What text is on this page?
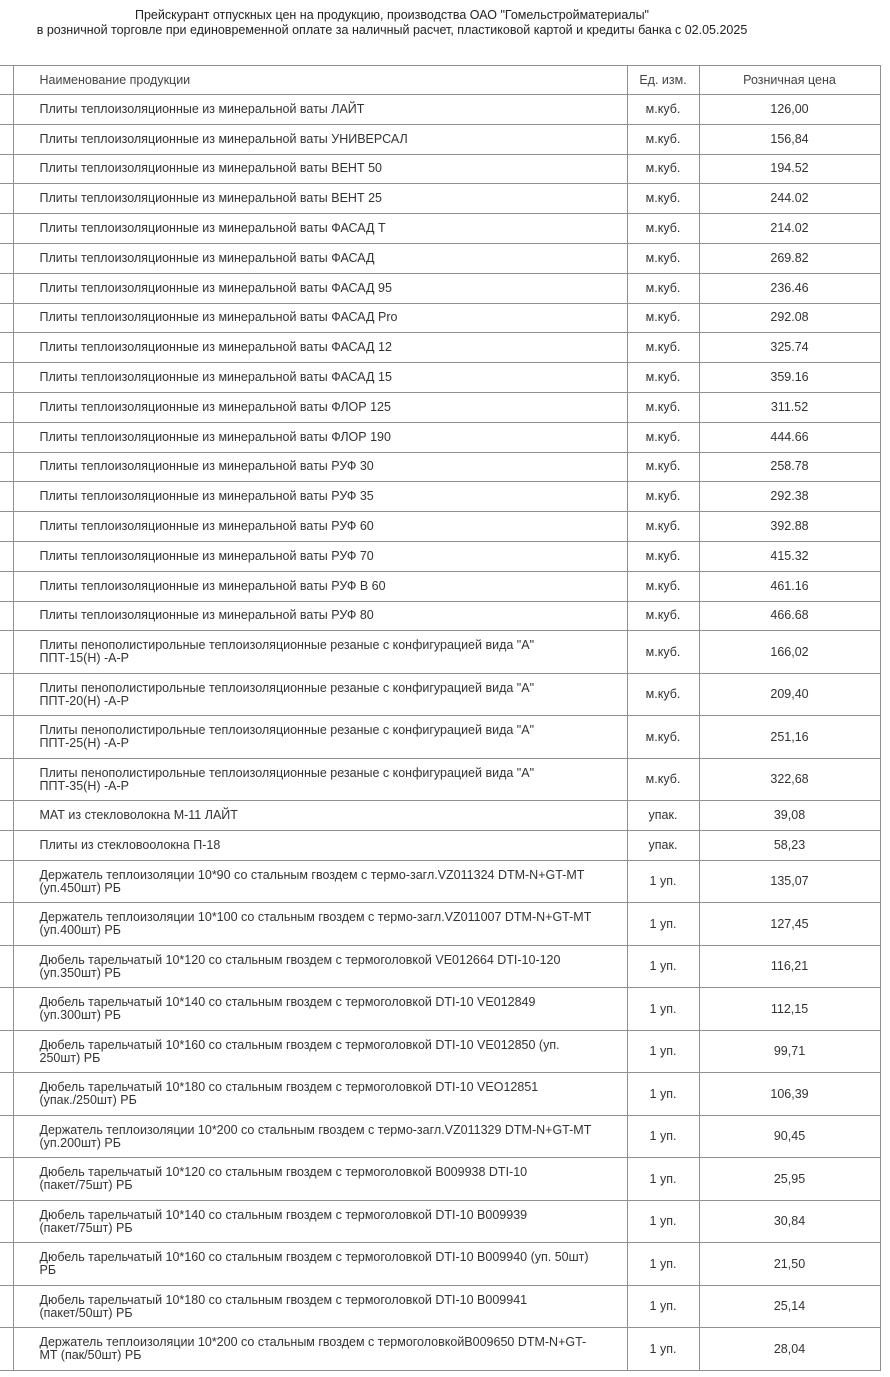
Прейскурант отпускных цен на продукцию, производства ОАО "Гомельстройматериалы"
в розничной торговле при единовременной оплате за наличный расчет, пластиковой картой и кредиты банка с 02.05.2025
	Наименование продукции	Ед. изм.	Розничная цена

	Плиты теплоизоляционные из минеральной ваты ЛАЙТ	м.куб.	126,00

	Плиты теплоизоляционные из минеральной ваты УНИВЕРСАЛ	м.куб.	156,84

	Плиты теплоизоляционные из минеральной ваты ВЕНТ 50	м.куб.	194.52

	Плиты теплоизоляционные из минеральной ваты ВЕНТ 25	м.куб.	244.02

	Плиты теплоизоляционные из минеральной ваты ФАСАД Т	м.куб.	214.02

	Плиты теплоизоляционные из минеральной ваты ФАСАД	м.куб.	269.82

	Плиты теплоизоляционные из минеральной ваты ФАСАД 95	м.куб.	236.46

	Плиты теплоизоляционные из минеральной ваты ФАСАД Pro	м.куб.	292.08

	Плиты теплоизоляционные из минеральной ваты ФАСАД 12	м.куб.	325.74

	Плиты теплоизоляционные из минеральной ваты ФАСАД 15	м.куб.	359.16

	Плиты теплоизоляционные из минеральной ваты ФЛОР 125	м.куб.	311.52

	Плиты теплоизоляционные из минеральной ваты ФЛОР 190	м.куб.	444.66

	Плиты теплоизоляционные из минеральной ваты РУФ 30	м.куб.	258.78

	Плиты теплоизоляционные из минеральной ваты РУФ 35	м.куб.	292.38

	Плиты теплоизоляционные из минеральной ваты РУФ 60	м.куб.	392.88

	Плиты теплоизоляционные из минеральной ваты РУФ 70	м.куб.	415.32

	Плиты теплоизоляционные из минеральной ваты РУФ В 60	м.куб.	461.16

	Плиты теплоизоляционные из минеральной ваты РУФ 80	м.куб.	466.68

	Плиты пенополистирольные теплоизоляционные резаные с конфигурацией вида "А"
ППТ-15(Н) -А-Р	м.куб.	166,02

	Плиты пенополистирольные теплоизоляционные резаные с конфигурацией вида "А"
ППТ-20(Н) -А-Р	м.куб.	209,40

	Плиты пенополистирольные теплоизоляционные резаные с конфигурацией вида "А"
ППТ-25(Н) -А-Р	м.куб.	251,16

	Плиты пенополистирольные теплоизоляционные резаные с конфигурацией вида "А"
ППТ-35(Н) -А-Р	м.куб.	322,68

	МАТ из стекловолокна М-11 ЛАЙТ	упак.	39,08

	Плиты из стекловоолокна П-18	упак.	58,23

	Держатель теплоизоляции 10*90 со стальным гвоздем с термо-загл.VZ011324 DTM-N+GT-MT
(уп.450шт) РБ	1 уп.	135,07

	Держатель теплоизоляции 10*100 со стальным гвоздем с термо-загл.VZ011007 DTM-N+GT-MT
(уп.400шт) РБ	1 уп.	127,45

	Дюбель тарельчатый 10*120 со стальным гвоздем с термоголовкой VE012664 DTI-10-120
(уп.350шт) РБ	1 уп.	116,21

	Дюбель тарельчатый 10*140 со стальным гвоздем с термоголовкой DTI-10 VE012849
(уп.300шт) РБ	1 уп.	112,15

	Дюбель тарельчатый 10*160 со стальным гвоздем с термоголовкой DTI-10 VE012850 (уп.
250шт) РБ	1 уп.	99,71

	Дюбель тарельчатый 10*180 со стальным гвоздем с термоголовкой DTI-10 VEO12851
(упак./250шт) РБ	1 уп.	106,39

	Держатель теплоизоляции 10*200 со стальным гвоздем с термо-загл.VZ011329 DTM-N+GT-MT
(уп.200шт) РБ	1 уп.	90,45

	Дюбель тарельчатый 10*120 со стальным гвоздем с термоголовкой B009938 DTI-10
(пакет/75шт) РБ	1 уп.	25,95

	Дюбель тарельчатый 10*140 со стальным гвоздем с термоголовкой DTI-10 B009939
(пакет/75шт) РБ	1 уп.	30,84

	Дюбель тарельчатый 10*160 со стальным гвоздем с термоголовкой DTI-10 B009940 (уп. 50шт)
РБ	1 уп.	21,50

	Дюбель тарельчатый 10*180 со стальным гвоздем с термоголовкой DTI-10 B009941
(пакет/50шт) РБ	1 уп.	25,14

	Держатель теплоизоляции 10*200 со стальным гвоздем с термоголовкойB009650 DTM-N+GT-
MT (пак/50шт) РБ	1 уп.	28,04
